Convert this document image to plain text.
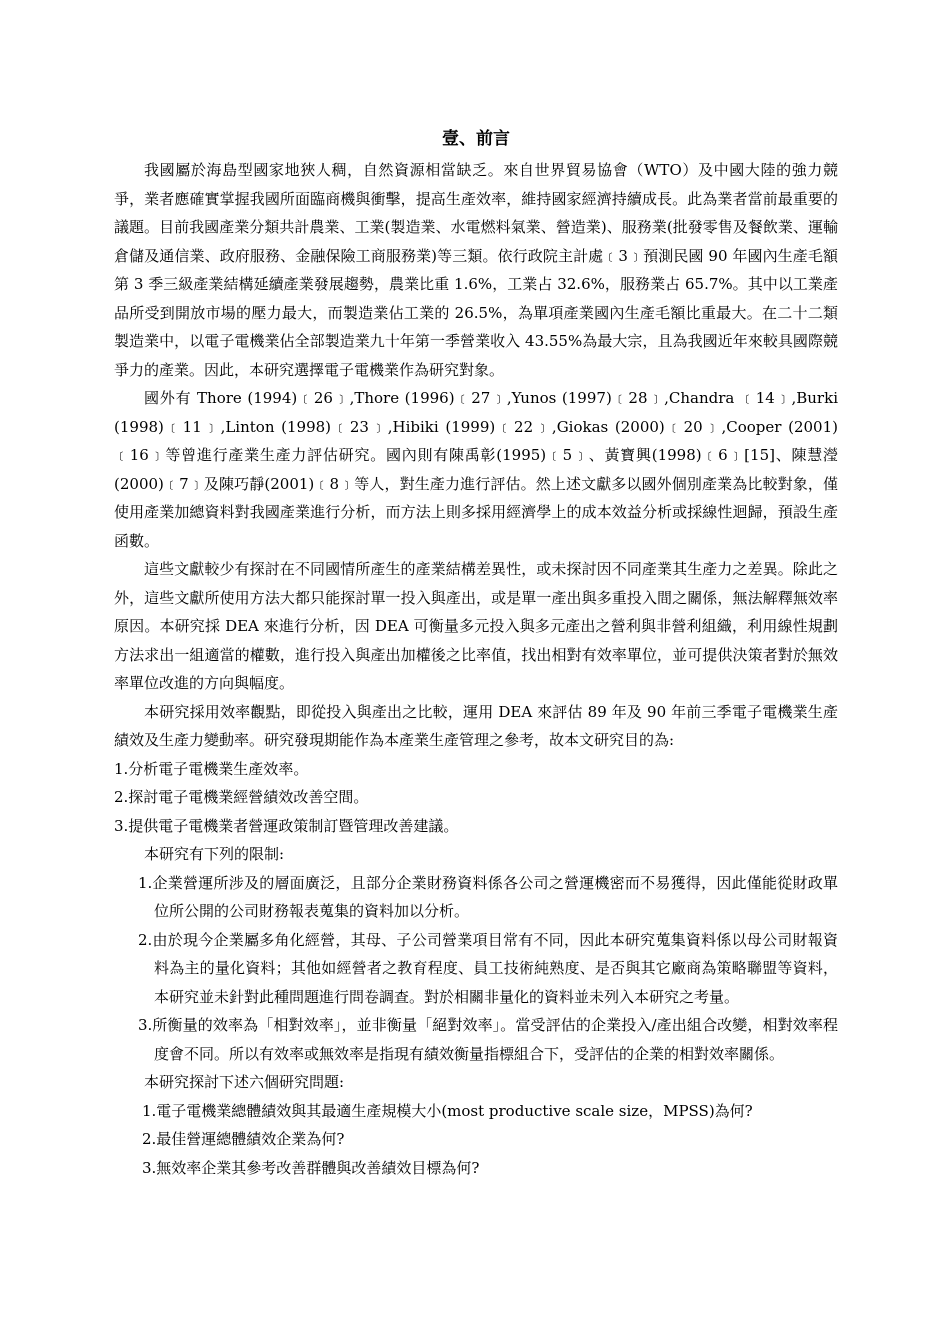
壹、前言

我國屬於海島型國家地狹人稠，自然資源相當缺乏。來自世界貿易協會（WTO）及中國大陸的強力競爭，業者應確實掌握我國所面臨商機與衝擊，提高生產效率，維持國家經濟持續成長。此為業者當前最重要的議題。目前我國產業分類共計農業、工業(製造業、水電燃料氣業、營造業)、服務業(批發零售及餐飲業、運輸倉儲及通信業、政府服務、金融保險工商服務業)等三類。依行政院主計處﹝3﹞預測民國 90 年國內生產毛額第 3 季三級產業結構延續產業發展趨勢，農業比重 1.6%，工業占 32.6%，服務業占 65.7%。其中以工業產品所受到開放市場的壓力最大，而製造業佔工業的 26.5%，為單項產業國內生產毛額比重最大。在二十二類製造業中，以電子電機業佔全部製造業九十年第一季營業收入 43.55%為最大宗，且為我國近年來較具國際競爭力的產業。因此，本研究選擇電子電機業作為研究對象。

國外有 Thore (1994)﹝26﹞,Thore (1996)﹝27﹞,Yunos (1997)﹝28﹞,Chandra ﹝14﹞,Burki (1998)﹝11﹞,Linton (1998)﹝23﹞,Hibiki (1999)﹝22﹞,Giokas (2000)﹝20﹞,Cooper (2001)﹝16﹞等曾進行產業生產力評估研究。國內則有陳禹彰(1995)﹝5﹞、黃寶興(1998)﹝6﹞[15]、陳慧瀅(2000)﹝7﹞及陳巧靜(2001)﹝8﹞等人，對生產力進行評估。然上述文獻多以國外個別產業為比較對象，僅使用產業加總資料對我國產業進行分析，而方法上則多採用經濟學上的成本效益分析或採線性迴歸，預設生產函數。

這些文獻較少有探討在不同國情所產生的產業結構差異性，或未探討因不同產業其生產力之差異。除此之外，這些文獻所使用方法大都只能探討單一投入與產出，或是單一產出與多重投入間之關係，無法解釋無效率原因。本研究採 DEA 來進行分析，因 DEA 可衡量多元投入與多元產出之營利與非營利組織，利用線性規劃方法求出一組適當的權數，進行投入與產出加權後之比率值，找出相對有效率單位，並可提供決策者對於無效率單位改進的方向與幅度。

本研究採用效率觀點，即從投入與產出之比較，運用 DEA 來評估 89 年及 90 年前三季電子電機業生產績效及生產力變動率。研究發現期能作為本產業生產管理之參考，故本文研究目的為:

1.分析電子電機業生產效率。

2.探討電子電機業經營績效改善空間。

3.提供電子電機業者營運政策制訂暨管理改善建議。

本研究有下列的限制:

1.企業營運所涉及的層面廣泛，且部分企業財務資料係各公司之營運機密而不易獲得，因此僅能從財政單位所公開的公司財務報表蒐集的資料加以分析。

2.由於現今企業屬多角化經營，其母、子公司營業項目常有不同，因此本研究蒐集資料係以母公司財報資料為主的量化資料；其他如經營者之教育程度、員工技術純熟度、是否與其它廠商為策略聯盟等資料，本研究並未針對此種問題進行問卷調查。對於相關非量化的資料並未列入本研究之考量。

3.所衡量的效率為「相對效率」，並非衡量「絕對效率」。當受評估的企業投入/產出組合改變，相對效率程度會不同。所以有效率或無效率是指現有績效衡量指標組合下，受評估的企業的相對效率關係。

本研究探討下述六個研究問題:

1.電子電機業總體績效與其最適生產規模大小(most productive scale size，MPSS)為何?

2.最佳營運總體績效企業為何?

3.無效率企業其參考改善群體與改善績效目標為何?
